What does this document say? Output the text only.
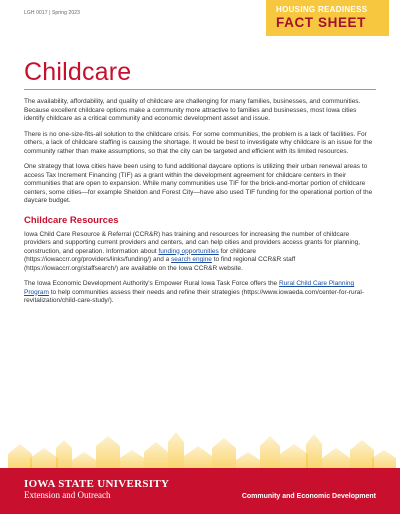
LGH 0017 | Spring 2023	HOUSING READINESS
FACT SHEET
Childcare

The availability, affordability, and quality of childcare are challenging for many families, businesses, and communities. Because excellent childcare options make a community more attractive to families and businesses, most Iowa cities identify childcare as a critical community and economic development asset and issue.

There is no one-size-fits-all solution to the childcare crisis. For some communities, the problem is a lack of facilities. For others, a lack of childcare staffing is causing the shortage. It would be best to investigate why childcare is an issue for the community rather than make assumptions, so that the city can be targeted and efficient with its limited resources.

One strategy that Iowa cities have been using to fund additional daycare options is utilizing their urban renewal areas to access Tax Increment Financing (TIF) as a grant within the development agreement for childcare centers in their communities that are open to expansion. While many communities use TIF for the brick-and-mortar portion of childcare centers, some cities—for example Sheldon and Forest City—have also used TIF funding for the operational portion of the daycare budget.

Childcare Resources

Iowa Child Care Resource & Referral (CCR&R) has training and resources for increasing the number of childcare providers and supporting current providers and centers, and can help cities and providers access grants for planning, construction, and operation. Information about funding opportunities for childcare (https://iowaccrr.org/providers/links/funding/) and a search engine to find regional CCR&R staff (https://iowaccrr.org/staffsearch/) are available on the Iowa CCR&R website.

The Iowa Economic Development Authority's Empower Rural Iowa Task Force offers the Rural Child Care Planning Program to help communities assess their needs and refine their strategies (https://www.iowaeda.com/center-for-rural-revitalization/child-care-study/).

IOWA STATE UNIVERSITY
Extension and Outreach	Community and Economic Development
